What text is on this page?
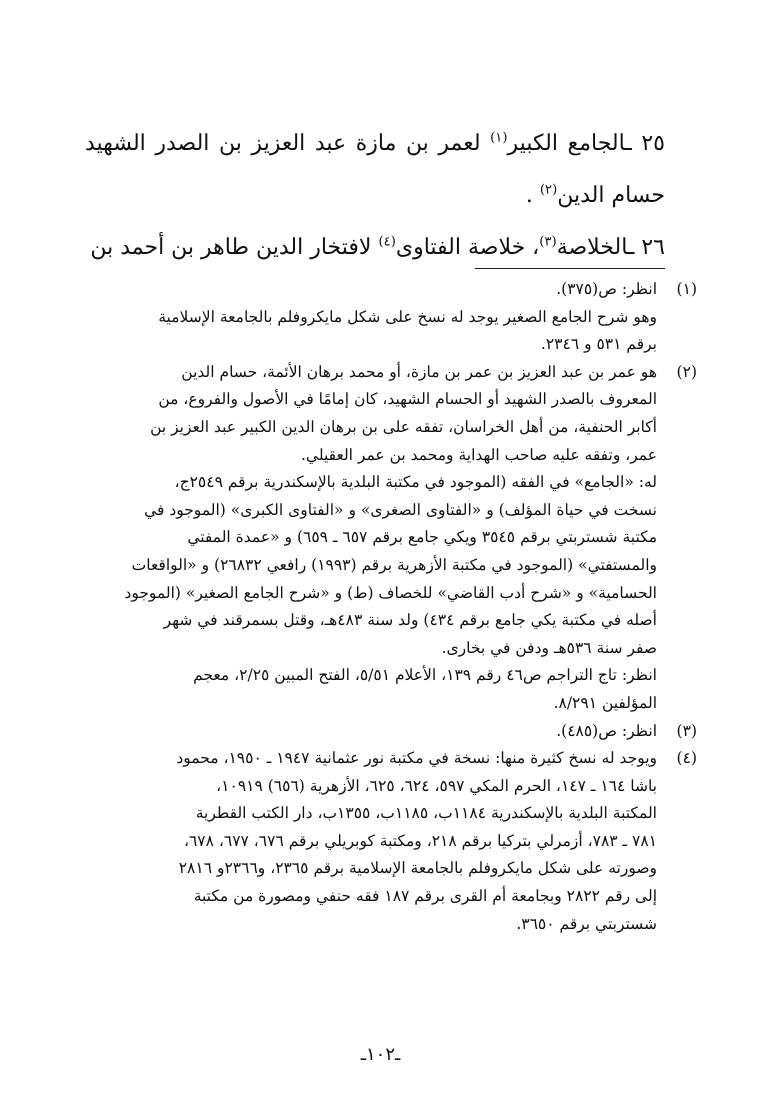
٢٥ ـالجامع الكبير$^{(١)}$ لعمر بن مازة عبد العزيز بن الصدر الشهيد حسام الدين$^{(٢)}$ .

٢٦ ـالخلاصة$^{(٣)}$، خلاصة الفتاوى$^{(٤)}$ لافتخار الدين طاهر بن أحمد بن

(١)
انظر: ص(٣٧٥).
وهو شرح الجامع الصغير يوجد له نسخ على شكل مايكروفلم بالجامعة الإسلامية
برقم ٥٣١ و ٢٣٤٦.
(٢)
هو عمر بن عبد العزيز بن عمر بن مازة، أو محمد برهان الأئمة، حسام الدين
المعروف بالصدر الشهيد أو الحسام الشهيد، كان إمامًا في الأصول والفروع، من
أكابر الحنفية، من أهل الخراسان، تفقه على بن برهان الدين الكبير عبد العزيز بن
عمر، وتفقه عليه صاحب الهداية ومحمد بن عمر العقيلي.
له: «الجامع» في الفقه (الموجود في مكتبة البلدية بالإسكندرية برقم ٢٥٤٩ج،
نسخت في حياة المؤلف) و «الفتاوى الصغرى» و «الفتاوى الكبرى» (الموجود في
مكتبة شستربتي برقم ٣٥٤٥ ويكي جامع برقم ٦٥٧ ـ ٦٥٩) و «عمدة المفتي
والمستفتي» (الموجود في مكتبة الأزهرية برقم (١٩٩٣) رافعي ٢٦٨٣٢) و «الواقعات
الحسامية» و «شرح أدب القاضي» للخصاف (ط) و «شرح الجامع الصغير» (الموجود
أصله في مكتبة يكي جامع برقم ٤٣٤) ولد سنة ٤٨٣هـ، وقتل بسمرقند في شهر
صفر سنة ٥٣٦هـ ودفن في بخارى.
انظر: تاج التراجم ص٤٦ رقم ١٣٩، الأعلام ٥/٥١، الفتح المبين ٢/٢٥، معجم
المؤلفين ٨/٢٩١.
(٣)
انظر: ص(٤٨٥).
(٤)
ويوجد له نسخ كثيرة منها: نسخة في مكتبة نور عثمانية ١٩٤٧ ـ ١٩٥٠، محمود
باشا ١٦٤ ـ ١٤٧، الحرم المكي ٥٩٧، ٦٢٤، ٦٢٥، الأزهرية (٦٥٦) ١٠٩١٩،
المكتبة البلدية بالإسكندرية ١١٨٤ب، ١١٨٥ب، ١٣٥٥ب، دار الكتب القطرية
٧٨١ ـ ٧٨٣، أزمرلي بتركيا برقم ٢١٨، ومكتبة كوبريلي برقم ٦٧٦، ٦٧٧، ٦٧٨،
وصورته على شكل مايكروفلم بالجامعة الإسلامية برقم ٢٣٦٥، و٢٣٦٦و ٢٨١٦
إلى رقم ٢٨٢٢ وبجامعة أم القرى برقم ١٨٧ فقه حنفي ومصورة من مكتبة
شستربتي برقم ٣٦٥٠.
ـ١٠٢ـ
